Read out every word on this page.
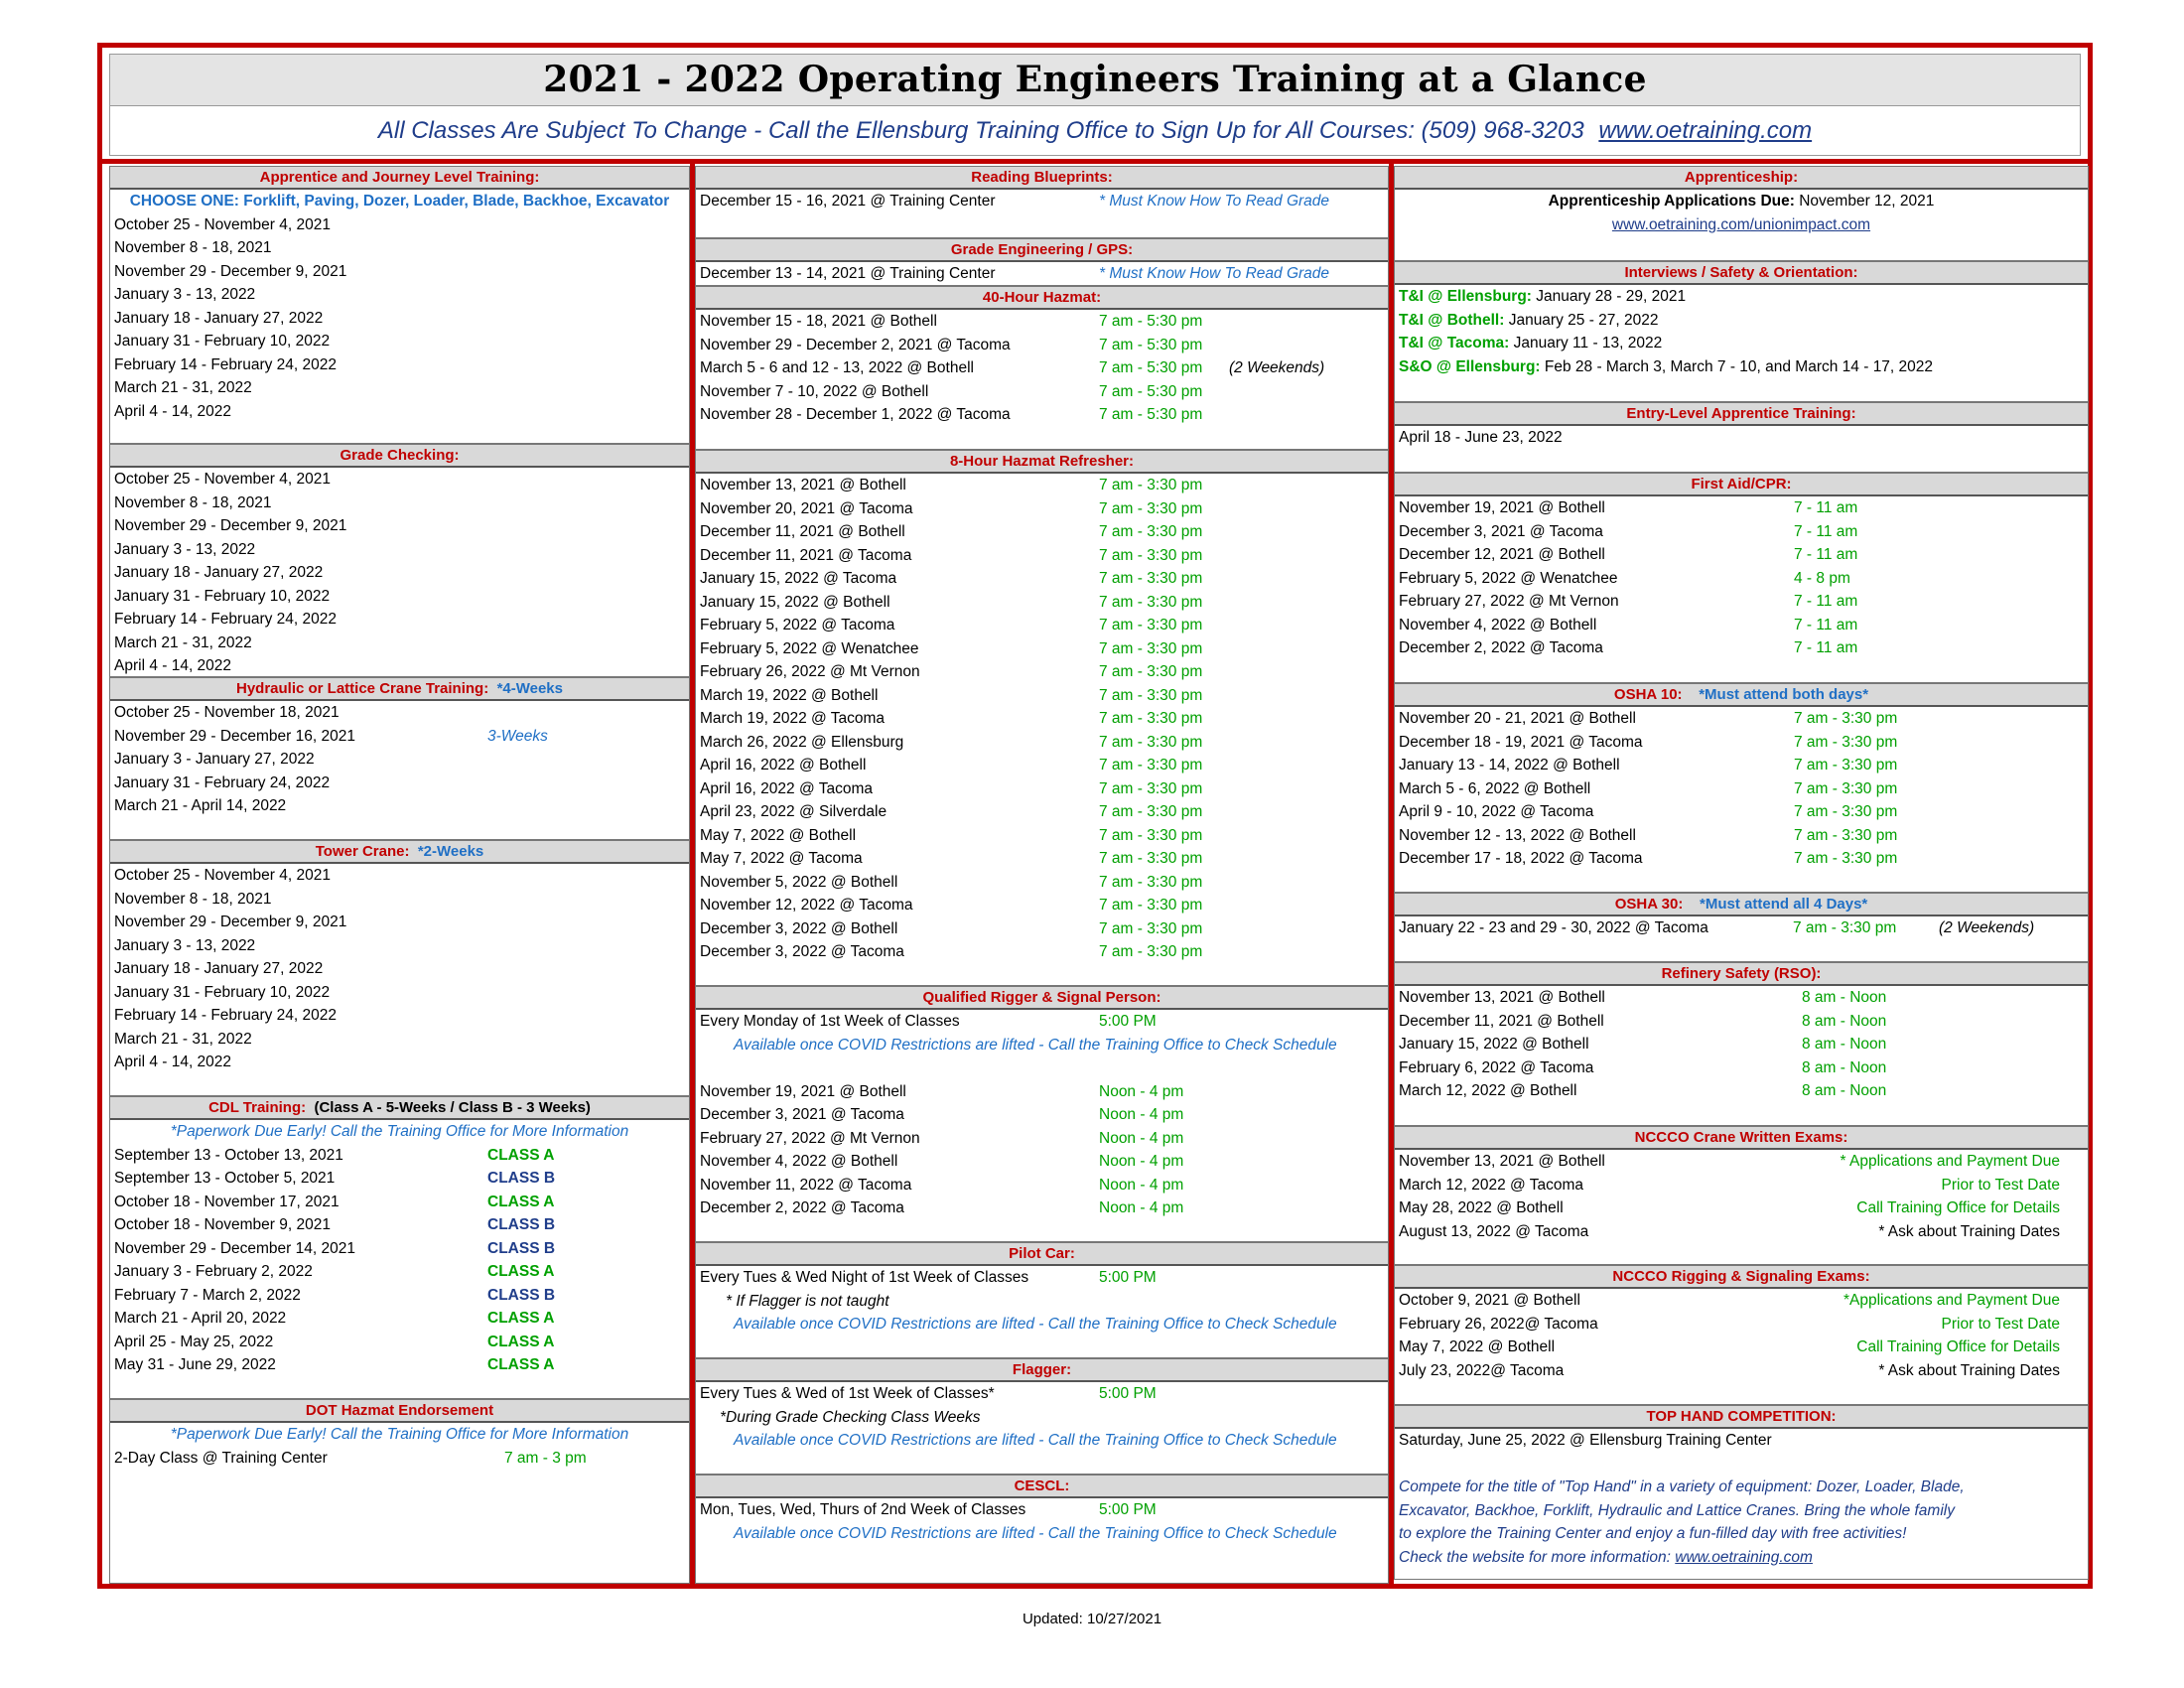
2021 - 2022 Operating Engineers Training at a Glance
All Classes Are Subject To Change - Call the Ellensburg Training Office to Sign Up for All Courses: (509) 968-3203 www.oetraining.com
Apprentice and Journey Level Training:
CHOOSE ONE: Forklift, Paving, Dozer, Loader, Blade, Backhoe, Excavator
October 25 - November 4, 2021
November 8 - 18, 2021
November 29 - December 9, 2021
January 3 - 13, 2022
January 18 - January 27, 2022
January 31 - February 10, 2022
February 14 - February 24, 2022
March 21 - 31, 2022
April 4 - 14, 2022
Grade Checking:
October 25 - November 4, 2021
November 8 - 18, 2021
November 29 - December 9, 2021
January 3 - 13, 2022
January 18 - January 27, 2022
January 31 - February 10, 2022
February 14 - February 24, 2022
March 21 - 31, 2022
April 4 - 14, 2022
Hydraulic or Lattice Crane Training: *4-Weeks
October 25 - November 18, 2021
November 29 - December 16, 2021	3-Weeks
January 3 - January 27, 2022
January 31 - February 24, 2022
March 21 - April 14, 2022
Tower Crane: *2-Weeks
October 25 - November 4, 2021
November 8 - 18, 2021
November 29 - December 9, 2021
January 3 - 13, 2022
January 18 - January 27, 2022
January 31 - February 10, 2022
February 14 - February 24, 2022
March 21 - 31, 2022
April 4 - 14, 2022
CDL Training: (Class A - 5-Weeks / Class B - 3 Weeks)
*Paperwork Due Early! Call the Training Office for More Information
September 13 - October 13, 2021	CLASS A
September 13 - October 5, 2021	CLASS B
October 18 - November 17, 2021	CLASS A
October 18 - November 9, 2021	CLASS B
November 29 - December 14, 2021	CLASS B
January 3 - February 2, 2022	CLASS A
February 7 - March 2, 2022	CLASS B
March 21 - April 20, 2022	CLASS A
April 25 - May 25, 2022	CLASS A
May 31 - June 29, 2022	CLASS A
DOT Hazmat Endorsement
*Paperwork Due Early! Call the Training Office for More Information
2-Day Class @ Training Center	7 am - 3 pm
Reading Blueprints:
December 15 - 16, 2021 @ Training Center	* Must Know How To Read Grade
Grade Engineering / GPS:
December 13 - 14, 2021 @ Training Center	* Must Know How To Read Grade
40-Hour Hazmat:
November 15 - 18, 2021 @ Bothell	7 am - 5:30 pm
November 29 - December 2, 2021 @ Tacoma	7 am - 5:30 pm
March 5 - 6 and 12 - 13, 2022 @ Bothell	7 am - 5:30 pm (2 Weekends)
November 7 - 10, 2022 @ Bothell	7 am - 5:30 pm
November 28 - December 1, 2022 @ Tacoma	7 am - 5:30 pm
8-Hour Hazmat Refresher:
November 13, 2021 @ Bothell	7 am - 3:30 pm
November 20, 2021 @ Tacoma	7 am - 3:30 pm
December 11, 2021 @ Bothell	7 am - 3:30 pm
December 11, 2021 @ Tacoma	7 am - 3:30 pm
January 15, 2022 @ Tacoma	7 am - 3:30 pm
January 15, 2022 @ Bothell	7 am - 3:30 pm
February 5, 2022 @ Tacoma	7 am - 3:30 pm
February 5, 2022 @ Wenatchee	7 am - 3:30 pm
February 26, 2022 @ Mt Vernon	7 am - 3:30 pm
March 19, 2022 @ Bothell	7 am - 3:30 pm
March 19, 2022 @ Tacoma	7 am - 3:30 pm
March 26, 2022 @ Ellensburg	7 am - 3:30 pm
April 16, 2022 @ Bothell	7 am - 3:30 pm
April 16, 2022 @ Tacoma	7 am - 3:30 pm
April 23, 2022 @ Silverdale	7 am - 3:30 pm
May 7, 2022 @ Bothell	7 am - 3:30 pm
May 7, 2022 @ Tacoma	7 am - 3:30 pm
November 5, 2022 @ Bothell	7 am - 3:30 pm
November 12, 2022 @ Tacoma	7 am - 3:30 pm
December 3, 2022 @ Bothell	7 am - 3:30 pm
December 3, 2022 @ Tacoma	7 am - 3:30 pm
Qualified Rigger & Signal Person:
Every Monday of 1st Week of Classes	5:00 PM
Available once COVID Restrictions are lifted - Call the Training Office to Check Schedule
November 19, 2021 @ Bothell	Noon - 4 pm
December 3, 2021 @ Tacoma	Noon - 4 pm
February 27, 2022 @ Mt Vernon	Noon - 4 pm
November 4, 2022 @ Bothell	Noon - 4 pm
November 11, 2022 @ Tacoma	Noon - 4 pm
December 2, 2022 @ Tacoma	Noon - 4 pm
Pilot Car:
Every Tues & Wed Night of 1st Week of Classes	5:00 PM
* If Flagger is not taught
Available once COVID Restrictions are lifted - Call the Training Office to Check Schedule
Flagger:
Every Tues & Wed of 1st Week of Classes*	5:00 PM
*During Grade Checking Class Weeks
Available once COVID Restrictions are lifted - Call the Training Office to Check Schedule
CESCL:
Mon, Tues, Wed, Thurs of 2nd Week of Classes	5:00 PM
Available once COVID Restrictions are lifted - Call the Training Office to Check Schedule
Apprenticeship:
Apprenticeship Applications Due: November 12, 2021
www.oetraining.com/unionimpact.com
Interviews / Safety & Orientation:
T&I @ Ellensburg: January 28 - 29, 2021
T&I @ Bothell: January 25 - 27, 2022
T&I @ Tacoma: January 11 - 13, 2022
S&O @ Ellensburg: Feb 28 - March 3, March 7 - 10, and March 14 - 17, 2022
Entry-Level Apprentice Training:
April 18 - June 23, 2022
First Aid/CPR:
November 19, 2021 @ Bothell	7 - 11 am
December 3, 2021 @ Tacoma	7 - 11 am
December 12, 2021 @ Bothell	7 - 11 am
February 5, 2022 @ Wenatchee	4 - 8 pm
February 27, 2022 @ Mt Vernon	7 - 11 am
November 4, 2022 @ Bothell	7 - 11 am
December 2, 2022 @ Tacoma	7 - 11 am
OSHA 10: *Must attend both days*
November 20 - 21, 2021 @ Bothell	7 am - 3:30 pm
December 18 - 19, 2021 @ Tacoma	7 am - 3:30 pm
January 13 - 14, 2022 @ Bothell	7 am - 3:30 pm
March 5 - 6, 2022 @ Bothell	7 am - 3:30 pm
April 9 - 10, 2022 @ Tacoma	7 am - 3:30 pm
November 12 - 13, 2022 @ Bothell	7 am - 3:30 pm
December 17 - 18, 2022 @ Tacoma	7 am - 3:30 pm
OSHA 30: *Must attend all 4 Days*
January 22 - 23 and 29 - 30, 2022 @ Tacoma	7 am - 3:30 pm	(2 Weekends)
Refinery Safety (RSO):
November 13, 2021 @ Bothell	8 am - Noon
December 11, 2021 @ Bothell	8 am - Noon
January 15, 2022 @ Bothell	8 am - Noon
February 6, 2022 @ Tacoma	8 am - Noon
March 12, 2022 @ Bothell	8 am - Noon
NCCCO Crane Written Exams:
November 13, 2021 @ Bothell	* Applications and Payment Due
March 12, 2022 @ Tacoma	Prior to Test Date
May 28, 2022 @ Bothell	Call Training Office for Details
August 13, 2022 @ Tacoma	* Ask about Training Dates
NCCCO Rigging & Signaling Exams:
October 9, 2021 @ Bothell	*Applications and Payment Due
February 26, 2022@ Tacoma	Prior to Test Date
May 7, 2022 @ Bothell	Call Training Office for Details
July 23, 2022@ Tacoma	* Ask about Training Dates
TOP HAND COMPETITION:
Saturday, June 25, 2022 @ Ellensburg Training Center
Compete for the title of "Top Hand" in a variety of equipment: Dozer, Loader, Blade,
Excavator, Backhoe, Forklift, Hydraulic and Lattice Cranes. Bring the whole family
to explore the Training Center and enjoy a fun-filled day with free activities!
Check the website for more information: www.oetraining.com
Updated: 10/27/2021
